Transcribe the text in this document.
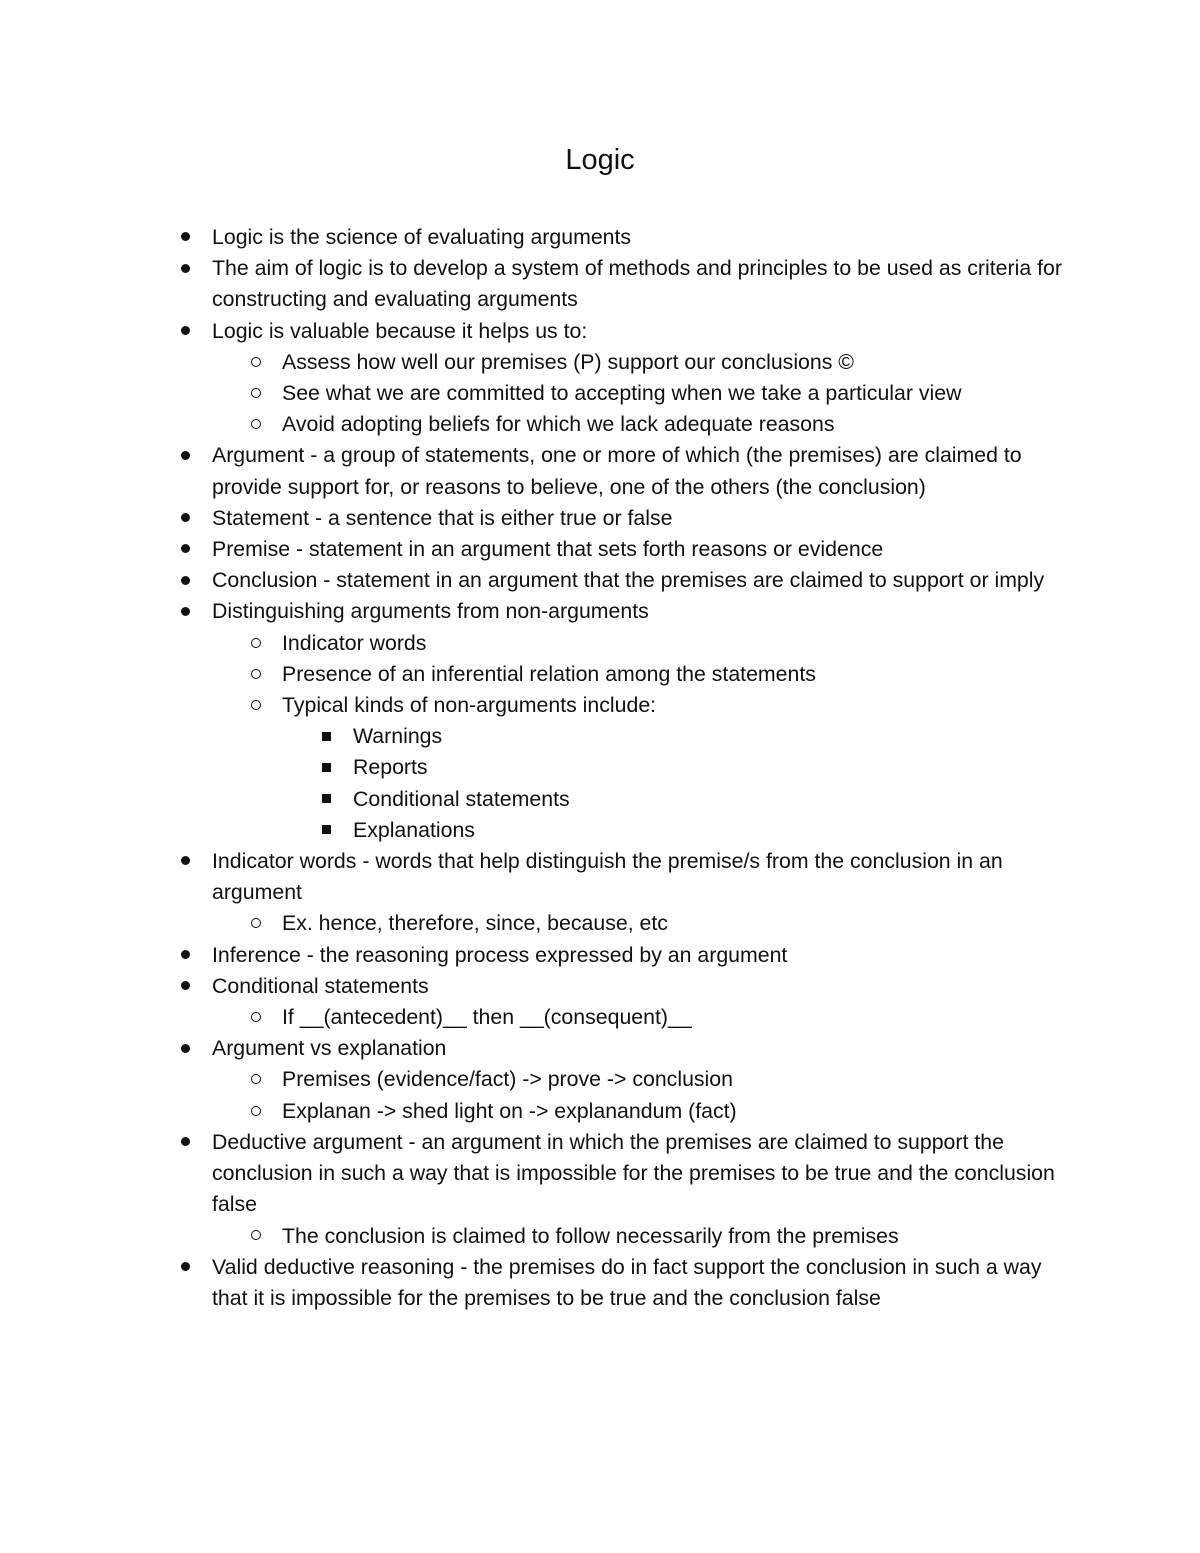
Logic
Logic is the science of evaluating arguments
The aim of logic is to develop a system of methods and principles to be used as criteria for constructing and evaluating arguments
Logic is valuable because it helps us to:
Assess how well our premises (P) support our conclusions ©
See what we are committed to accepting when we take a particular view
Avoid adopting beliefs for which we lack adequate reasons
Argument - a group of statements, one or more of which (the premises) are claimed to provide support for, or reasons to believe, one of the others (the conclusion)
Statement - a sentence that is either true or false
Premise - statement in an argument that sets forth reasons or evidence
Conclusion - statement in an argument that the premises are claimed to support or imply
Distinguishing arguments from non-arguments
Indicator words
Presence of an inferential relation among the statements
Typical kinds of non-arguments include:
Warnings
Reports
Conditional statements
Explanations
Indicator words - words that help distinguish the premise/s from the conclusion in an argument
Ex. hence, therefore, since, because, etc
Inference - the reasoning process expressed by an argument
Conditional statements
If __(antecedent)__ then __(consequent)__
Argument vs explanation
Premises (evidence/fact) -> prove -> conclusion
Explanan -> shed light on -> explanandum (fact)
Deductive argument - an argument in which the premises are claimed to support the conclusion in such a way that is impossible for the premises to be true and the conclusion false
The conclusion is claimed to follow necessarily from the premises
Valid deductive reasoning - the premises do in fact support the conclusion in such a way that it is impossible for the premises to be true and the conclusion false
